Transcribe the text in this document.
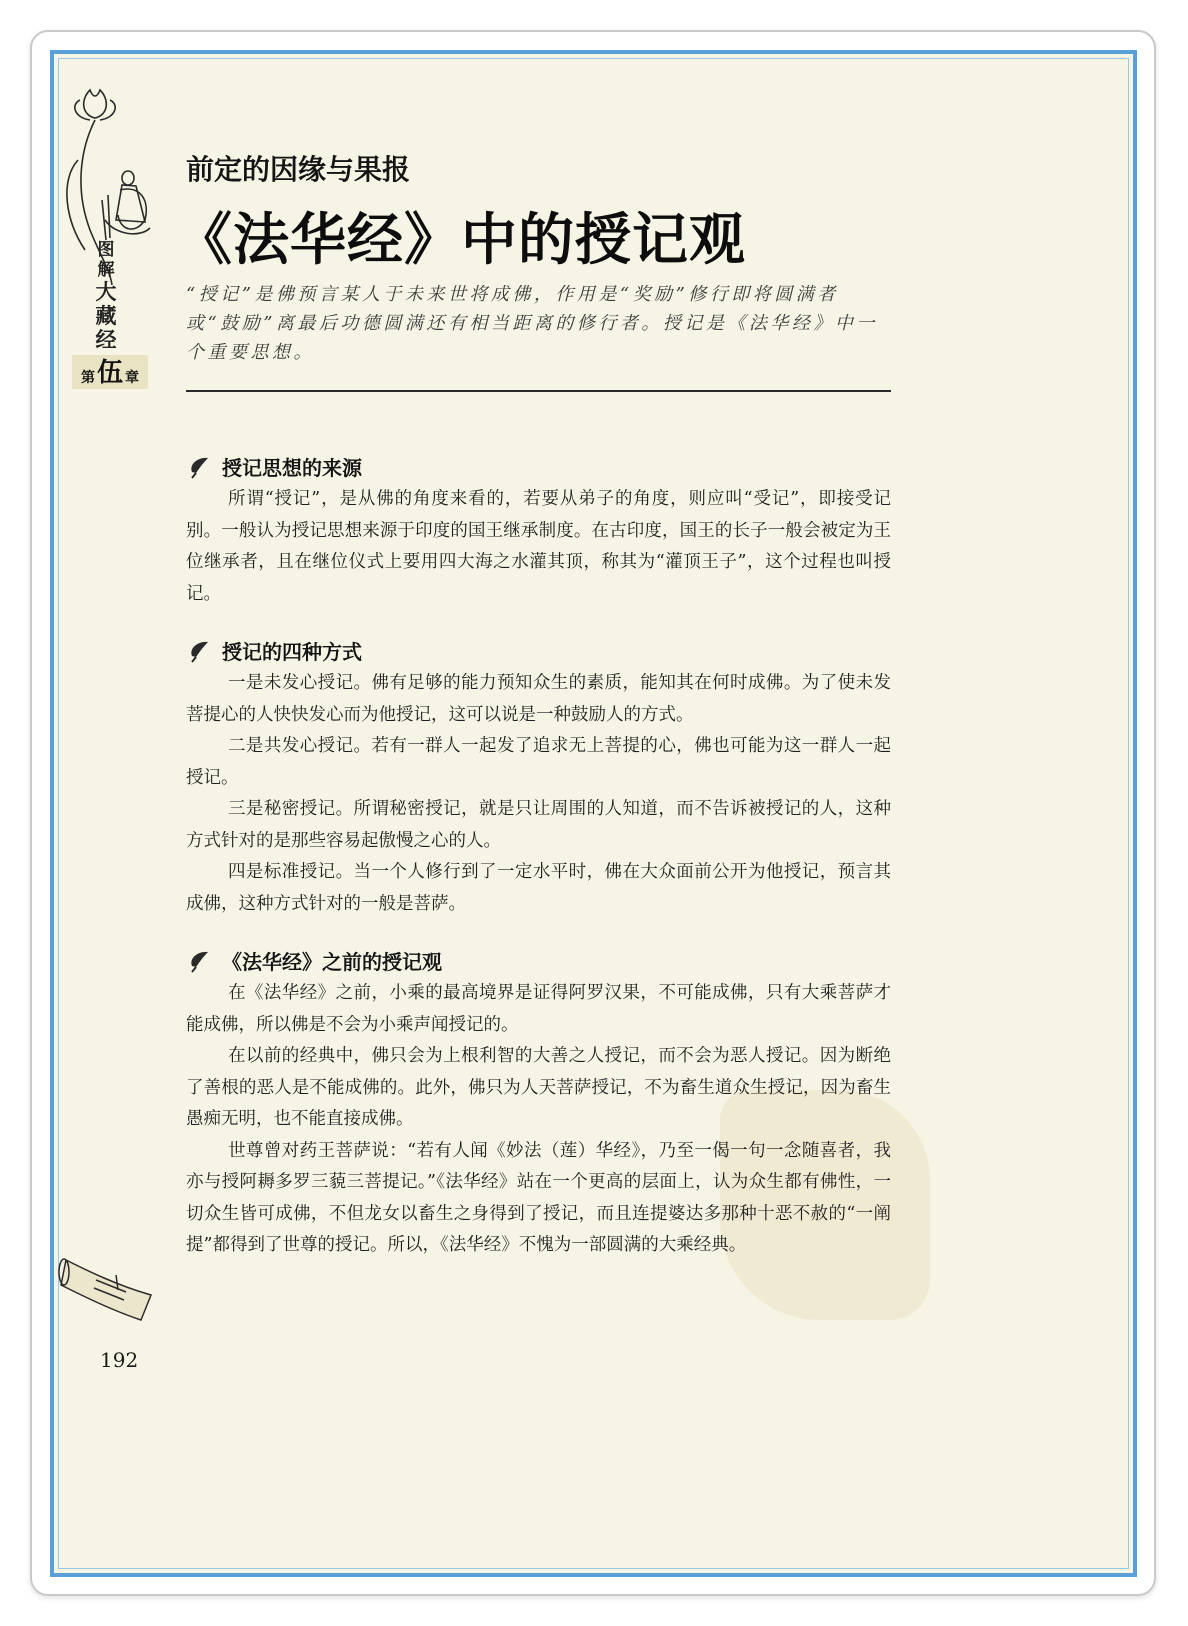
图
解
大
藏
经
第 伍 章
前定的因缘与果报
《法华经》中的授记观
“授记”是佛预言某人于未来世将成佛，作用是“奖励”修行即将圆满者或“鼓励”离最后功德圆满还有相当距离的修行者。授记是《法华经》中一个重要思想。
授记思想的来源

所谓“授记”，是从佛的角度来看的，若要从弟子的角度，则应叫“受记”，即接受记别。一般认为授记思想来源于印度的国王继承制度。在古印度，国王的长子一般会被定为王位继承者，且在继位仪式上要用四大海之水灌其顶，称其为“灌顶王子”，这个过程也叫授记。

授记的四种方式

一是未发心授记。佛有足够的能力预知众生的素质，能知其在何时成佛。为了使未发菩提心的人快快发心而为他授记，这可以说是一种鼓励人的方式。

二是共发心授记。若有一群人一起发了追求无上菩提的心，佛也可能为这一群人一起授记。

三是秘密授记。所谓秘密授记，就是只让周围的人知道，而不告诉被授记的人，这种方式针对的是那些容易起傲慢之心的人。

四是标准授记。当一个人修行到了一定水平时，佛在大众面前公开为他授记，预言其成佛，这种方式针对的一般是菩萨。

《法华经》之前的授记观

在《法华经》之前，小乘的最高境界是证得阿罗汉果，不可能成佛，只有大乘菩萨才能成佛，所以佛是不会为小乘声闻授记的。

在以前的经典中，佛只会为上根利智的大善之人授记，而不会为恶人授记。因为断绝了善根的恶人是不能成佛的。此外，佛只为人天菩萨授记，不为畜生道众生授记，因为畜生愚痴无明，也不能直接成佛。

世尊曾对药王菩萨说：“若有人闻《妙法（莲）华经》，乃至一偈一句一念随喜者，我亦与授阿耨多罗三藐三菩提记。”《法华经》站在一个更高的层面上，认为众生都有佛性，一切众生皆可成佛，不但龙女以畜生之身得到了授记，而且连提婆达多那种十恶不赦的“一阐提”都得到了世尊的授记。所以，《法华经》不愧为一部圆满的大乘经典。

192
